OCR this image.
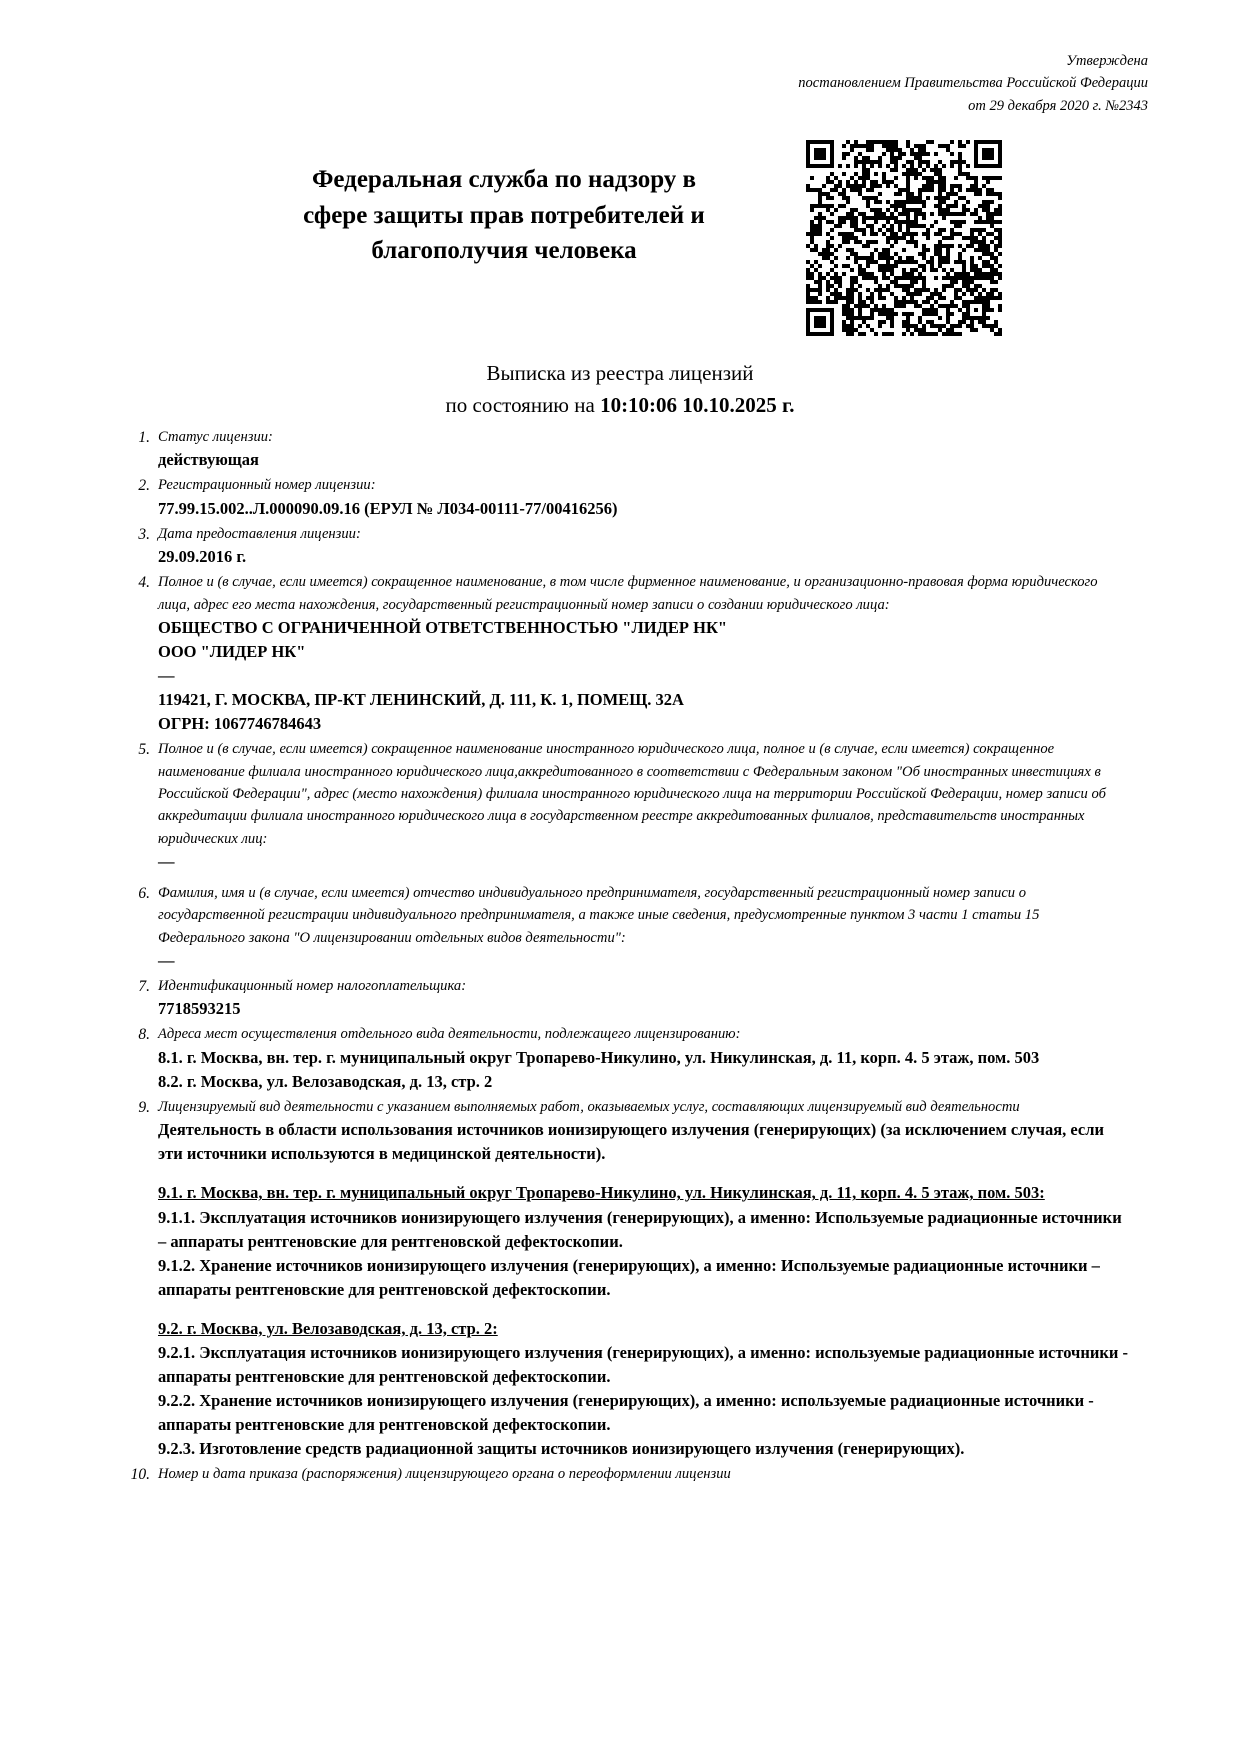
Утверждена
постановлением Правительства Российской Федерации
от 29 декабря 2020 г. №2343
Федеральная служба по надзору в
сфере защиты прав потребителей и
благополучия человека
Выписка из реестра лицензий
по состоянию на 10:10:06 10.10.2025 г.
1. Статус лицензии:
действующая
2. Регистрационный номер лицензии:
77.99.15.002..Л.000090.09.16 (ЕРУЛ № Л034-00111-77/00416256)
3. Дата предоставления лицензии:
29.09.2016 г.
4. Полное и (в случае, если имеется) сокращенное наименование, в том числе фирменное наименование, и организационно-правовая форма юридического лица, адрес его места нахождения, государственный регистрационный номер записи о создании юридического лица:
ОБЩЕСТВО С ОГРАНИЧЕННОЙ ОТВЕТСТВЕННОСТЬЮ "ЛИДЕР НК"
ООО "ЛИДЕР НК"
—
119421, Г. МОСКВА, ПР-КТ ЛЕНИНСКИЙ, Д. 111, К. 1, ПОМЕЩ. 32А
ОГРН: 1067746784643
5. Полное и (в случае, если имеется) сокращенное наименование иностранного юридического лица, полное и (в случае, если имеется) сокращенное наименование филиала иностранного юридического лица,аккредитованного в соответствии с Федеральным законом "Об иностранных инвестициях в Российской Федерации", адрес (место нахождения) филиала иностранного юридического лица на территории Российской Федерации, номер записи об аккредитации филиала иностранного юридического лица в государственном реестре аккредитованных филиалов, представительств иностранных юридических лиц:
—
6. Фамилия, имя и (в случае, если имеется) отчество индивидуального предпринимателя, государственный регистрационный номер записи о государственной регистрации индивидуального предпринимателя, а также иные сведения, предусмотренные пунктом 3 части 1 статьи 15 Федерального закона "О лицензировании отдельных видов деятельности":
—
7. Идентификационный номер налогоплательщика:
7718593215
8. Адреса мест осуществления отдельного вида деятельности, подлежащего лицензированию:
8.1. г. Москва, вн. тер. г. муниципальный округ Тропарево-Никулино, ул. Никулинская, д. 11, корп. 4. 5 этаж, пом. 503
8.2. г. Москва, ул. Велозаводская, д. 13, стр. 2
9. Лицензируемый вид деятельности с указанием выполняемых работ, оказываемых услуг, составляющих лицензируемый вид деятельности
Деятельность в области использования источников ионизирующего излучения (генерирующих) (за исключением случая, если эти источники используются в медицинской деятельности).
9.1. г. Москва, вн. тер. г. муниципальный округ Тропарево-Никулино, ул. Никулинская, д. 11, корп. 4. 5 этаж, пом. 503:
9.1.1. Эксплуатация источников ионизирующего излучения (генерирующих), а именно: Используемые радиационные источники – аппараты рентгеновские для рентгеновской дефектоскопии.
9.1.2. Хранение источников ионизирующего излучения (генерирующих), а именно: Используемые радиационные источники – аппараты рентгеновские для рентгеновской дефектоскопии.
9.2. г. Москва, ул. Велозаводская, д. 13, стр. 2:
9.2.1. Эксплуатация источников ионизирующего излучения (генерирующих), а именно: используемые радиационные источники - аппараты рентгеновские для рентгеновской дефектоскопии.
9.2.2. Хранение источников ионизирующего излучения (генерирующих), а именно: используемые радиационные источники - аппараты рентгеновские для рентгеновской дефектоскопии.
9.2.3. Изготовление средств радиационной защиты источников ионизирующего излучения (генерирующих).
10. Номер и дата приказа (распоряжения) лицензирующего органа о переоформлении лицензии
